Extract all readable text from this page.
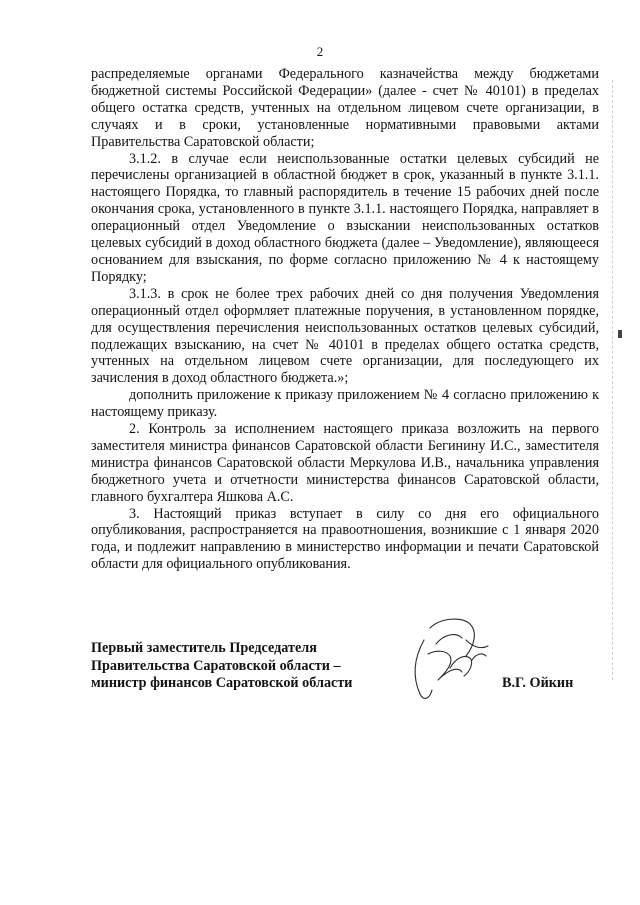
2

распределяемые органами Федерального казначейства между бюджетами бюджетной системы Российской Федерации» (далее - счет № 40101) в пределах общего остатка средств, учтенных на отдельном лицевом счете организации, в случаях и в сроки, установленные нормативными правовыми актами Правительства Саратовской области;

3.1.2. в случае если неиспользованные остатки целевых субсидий не перечислены организацией в областной бюджет в срок, указанный в пункте 3.1.1. настоящего Порядка, то главный распорядитель в течение 15 рабочих дней после окончания срока, установленного в пункте 3.1.1. настоящего Порядка, направляет в операционный отдел Уведомление о взыскании неиспользованных остатков целевых субсидий в доход областного бюджета (далее – Уведомление), являющееся основанием для взыскания, по форме согласно приложению № 4 к настоящему Порядку;

3.1.3. в срок не более трех рабочих дней со дня получения Уведомления операционный отдел оформляет платежные поручения, в установленном порядке, для осуществления перечисления неиспользованных остатков целевых субсидий, подлежащих взысканию, на счет № 40101 в пределах общего остатка средств, учтенных на отдельном лицевом счете организации, для последующего их зачисления в доход областного бюджета.»;

дополнить приложение к приказу приложением № 4 согласно приложению к настоящему приказу.

2. Контроль за исполнением настоящего приказа возложить на первого заместителя министра финансов Саратовской области Бегинину И.С., заместителя министра финансов Саратовской области Меркулова И.В., начальника управления бюджетного учета и отчетности министерства финансов Саратовской области, главного бухгалтера Яшкова А.С.

3. Настоящий приказ вступает в силу со дня его официального опубликования, распространяется на правоотношения, возникшие с 1 января 2020 года, и подлежит направлению в министерство информации и печати Саратовской области для официального опубликования.

Первый заместитель Председателя
Правительства Саратовской области –
министр финансов Саратовской области	В.Г. Ойкин
